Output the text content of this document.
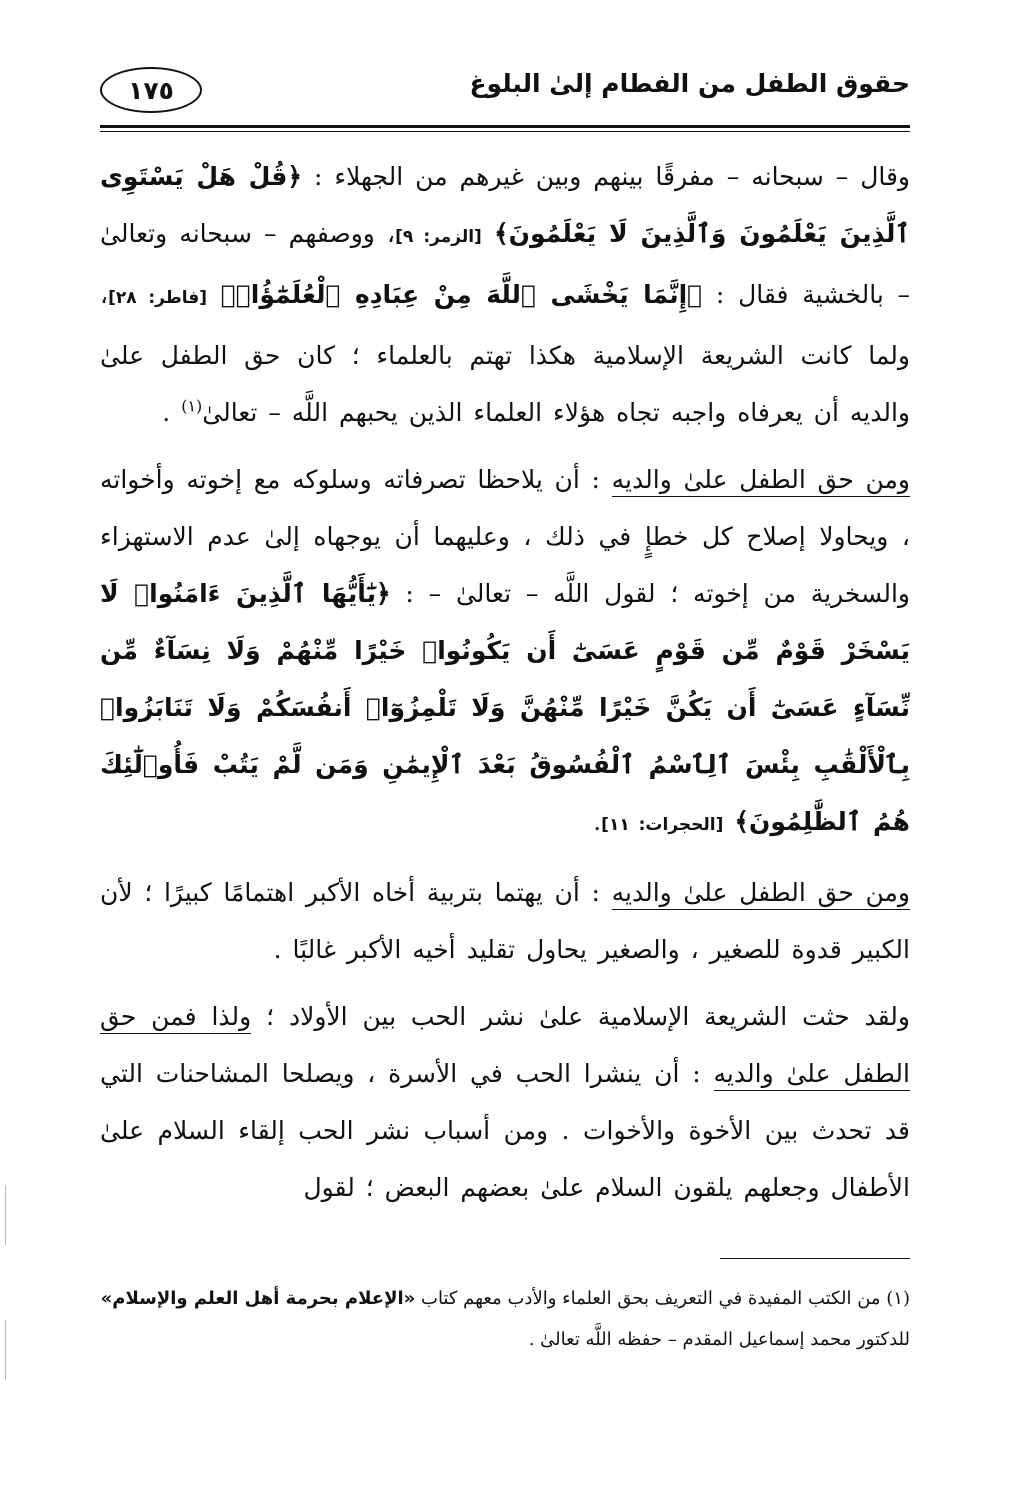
حقوق الطفل من الفطام إلىٰ البلوغ
١٧٥

وقال – سبحانه – مفرقًا بينهم وبين غيرهم من الجهلاء : ﴿قُلْ هَلْ يَسْتَوِى ٱلَّذِينَ يَعْلَمُونَ وَٱلَّذِينَ لَا يَعْلَمُونَ﴾ [الزمر: ٩]، ووصفهم – سبحانه وتعالىٰ – بالخشية فقال : ﴿إِنَّمَا يَخْشَى ٱللَّهَ مِنْ عِبَادِهِ ٱلْعُلَمَٰٓؤُا۟﴾ [فاطر: ٢٨]، ولما كانت الشريعة الإسلامية هكذا تهتم بالعلماء ؛ كان حق الطفل علىٰ والديه أن يعرفاه واجبه تجاه هؤلاء العلماء الذين يحبهم اللَّه – تعالىٰ$^{(١)}$ .

ومن حق الطفل علىٰ والديه : أن يلاحظا تصرفاته وسلوكه مع إخوته وأخواته ، ويحاولا إصلاح كل خطإٍ في ذلك ، وعليهما أن يوجهاه إلىٰ عدم الاستهزاء والسخرية من إخوته ؛ لقول اللَّه – تعالىٰ – : ﴿يَٰٓأَيُّهَا ٱلَّذِينَ ءَامَنُوا۟ لَا يَسْخَرْ قَوْمٌ مِّن قَوْمٍ عَسَىٰٓ أَن يَكُونُوا۟ خَيْرًا مِّنْهُمْ وَلَا نِسَآءٌ مِّن نِّسَآءٍ عَسَىٰٓ أَن يَكُنَّ خَيْرًا مِّنْهُنَّ وَلَا تَلْمِزُوٓا۟ أَنفُسَكُمْ وَلَا تَنَابَزُوا۟ بِٱلْأَلْقَٰبِ بِئْسَ ٱلِٱسْمُ ٱلْفُسُوقُ بَعْدَ ٱلْإِيمَٰنِ وَمَن لَّمْ يَتُبْ فَأُو۟لَٰٓئِكَ هُمُ ٱلظَّٰلِمُونَ﴾ [الحجرات: ١١].

ومن حق الطفل علىٰ والديه : أن يهتما بتربية أخاه الأكبر اهتمامًا كبيرًا ؛ لأن الكبير قدوة للصغير ، والصغير يحاول تقليد أخيه الأكبر غالبًا .

ولقد حثت الشريعة الإسلامية علىٰ نشر الحب بين الأولاد ؛ ولذا فمن حق الطفل علىٰ والديه : أن ينشرا الحب في الأسرة ، ويصلحا المشاحنات التي قد تحدث بين الأخوة والأخوات . ومن أسباب نشر الحب إلقاء السلام علىٰ الأطفال وجعلهم يلقون السلام علىٰ بعضهم البعض ؛ لقول

(١) من الكتب المفيدة في التعريف بحق العلماء والأدب معهم كتاب «الإعلام بحرمة أهل العلم والإسلام» للدكتور محمد إسماعيل المقدم – حفظه اللَّه تعالىٰ .
